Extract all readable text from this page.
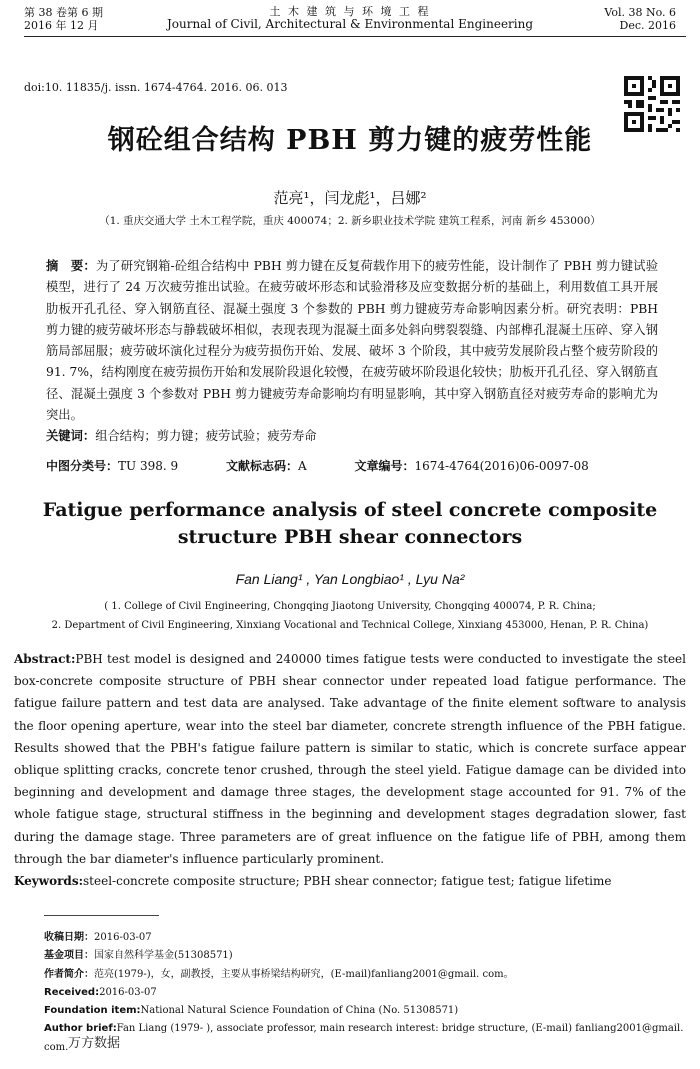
第 38 卷第 6 期
2016 年 12 月
土 木 建 筑 与 环 境 工 程
Journal of Civil, Architectural & Environmental Engineering
Vol. 38 No. 6
Dec. 2016
doi:10. 11835/j. issn. 1674-4764. 2016. 06. 013
钢砼组合结构 PBH 剪力键的疲劳性能
范亮¹，闫龙彪¹，吕娜²
（1. 重庆交通大学 土木工程学院，重庆 400074；2. 新乡职业技术学院 建筑工程系，河南 新乡 453000）
摘　要：为了研究钢箱-砼组合结构中 PBH 剪力键在反复荷载作用下的疲劳性能，设计制作了 PBH 剪力键试验模型，进行了 24 万次疲劳推出试验。在疲劳破坏形态和试验滑移及应变数据分析的基础上，利用数值工具开展肋板开孔孔径、穿入钢筋直径、混凝土强度 3 个参数的 PBH 剪力键疲劳寿命影响因素分析。研究表明：PBH 剪力键的疲劳破坏形态与静载破坏相似，表现表现为混凝土面多处斜向劈裂裂缝、内部榫孔混凝土压碎、穿入钢筋局部屈服；疲劳破坏演化过程分为疲劳损伤开始、发展、破坏 3 个阶段，其中疲劳发展阶段占整个疲劳阶段的 91. 7%，结构刚度在疲劳损伤开始和发展阶段退化较慢，在疲劳破坏阶段退化较快；肋板开孔孔径、穿入钢筋直径、混凝土强度 3 个参数对 PBH 剪力键疲劳寿命影响均有明显影响，其中穿入钢筋直径对疲劳寿命的影响尤为突出。
关键词：组合结构；剪力键；疲劳试验；疲劳寿命
中图分类号：TU 398. 9	文献标志码：A	文章编号：1674-4764(2016)06-0097-08
Fatigue performance analysis of steel concrete composite structure PBH shear connectors
Fan Liang¹ , Yan Longbiao¹ , Lyu Na²
( 1. College of Civil Engineering, Chongqing Jiaotong University, Chongqing 400074, P. R. China;
2. Department of Civil Engineering, Xinxiang Vocational and Technical College, Xinxiang 453000, Henan, P. R. China)
Abstract:PBH test model is designed and 240000 times fatigue tests were conducted to investigate the steel box-concrete composite structure of PBH shear connector under repeated load fatigue performance. The fatigue failure pattern and test data are analysed. Take advantage of the finite element software to analysis the floor opening aperture, wear into the steel bar diameter, concrete strength influence of the PBH fatigue. Results showed that the PBH's fatigue failure pattern is similar to static, which is concrete surface appear oblique splitting cracks, concrete tenor crushed, through the steel yield. Fatigue damage can be divided into beginning and development and damage three stages, the development stage accounted for 91. 7% of the whole fatigue stage, structural stiffness in the beginning and development stages degradation slower, fast during the damage stage. Three parameters are of great influence on the fatigue life of PBH, among them through the bar diameter's influence particularly prominent.
Keywords:steel-concrete composite structure; PBH shear connector; fatigue test; fatigue lifetime
收稿日期：2016-03-07
基金项目：国家自然科学基金(51308571)
作者简介：范亮(1979-)，女，副教授，主要从事桥梁结构研究，(E-mail)fanliang2001@gmail. com。
Received:2016-03-07
Foundation item:National Natural Science Foundation of China (No. 51308571)
Author brief:Fan Liang (1979- ), associate professor, main research interest: bridge structure, (E-mail) fanliang2001@gmail. com. 万方数据
